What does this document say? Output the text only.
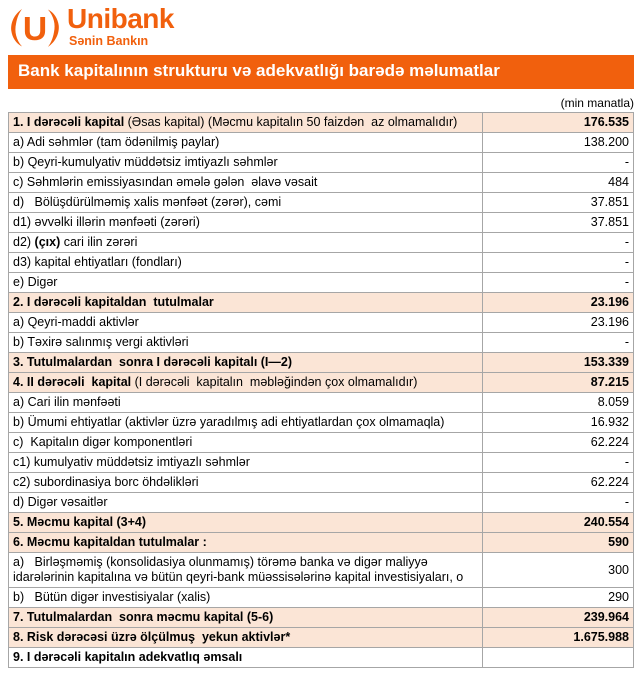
U Unibank
Sənin Bankın
Bank kapitalının strukturu və adekvatlığı barədə məlumatlar
(min manatla)
1. I dərəcəli kapital (Əsas kapital) (Məcmu kapitalın 50 faizdən  az olmamalıdır)	176.535
a) Adi səhmlər (tam ödənilmiş paylar)	138.200
b) Qeyri-kumulyativ müddətsiz imtiyazlı səhmlər	-
c) Səhmlərin emissiyasından əmələ gələn  əlavə vəsait	484
d)   Bölüşdürülməmiş xalis mənfəət (zərər), cəmi	37.851
d1) əvvəlki illərin mənfəəti (zərəri)	37.851
d2) (çıx) cari ilin zərəri	-
d3) kapital ehtiyatları (fondları)	-
e) Digər	-
2. I dərəcəli kapitaldan  tutulmalar	23.196
a) Qeyri-maddi aktivlər	23.196
b) Təxirə salınmış vergi aktivləri	-
3. Tutulmalardan  sonra I dərəcəli kapitalı (I—2)	153.339
4. II dərəcəli  kapital (I dərəcəli  kapitalın  məbləğindən çox olmamalıdır)	87.215
a) Cari ilin mənfəəti	8.059
b) Ümumi ehtiyatlar (aktivlər üzrə yaradılmış adi ehtiyatlardan çox olmamaqla)	16.932
c)  Kapitalın digər komponentləri	62.224
c1) kumulyativ müddətsiz imtiyazlı səhmlər	-
c2) subordinasiya borc öhdəlikləri	62.224
d) Digər vəsaitlər	-
5. Məcmu kapital (3+4)	240.554
6. Məcmu kapitaldan tutulmalar :	590
a)   Birləşməmiş (konsolidasiya olunmamış) törəmə banka və digər maliyyə idarələrinin kapitalına və bütün qeyri-bank müəssisələrinə kapital investisiyaları, o	300
b)   Bütün digər investisiyalar (xalis)	290
7. Tutulmalardan  sonra məcmu kapital (5-6)	239.964
8. Risk dərəcəsi üzrə ölçülmuş  yekun aktivlər*	1.675.988
9. I dərəcəli kapitalın adekvatlıq əmsalı	
